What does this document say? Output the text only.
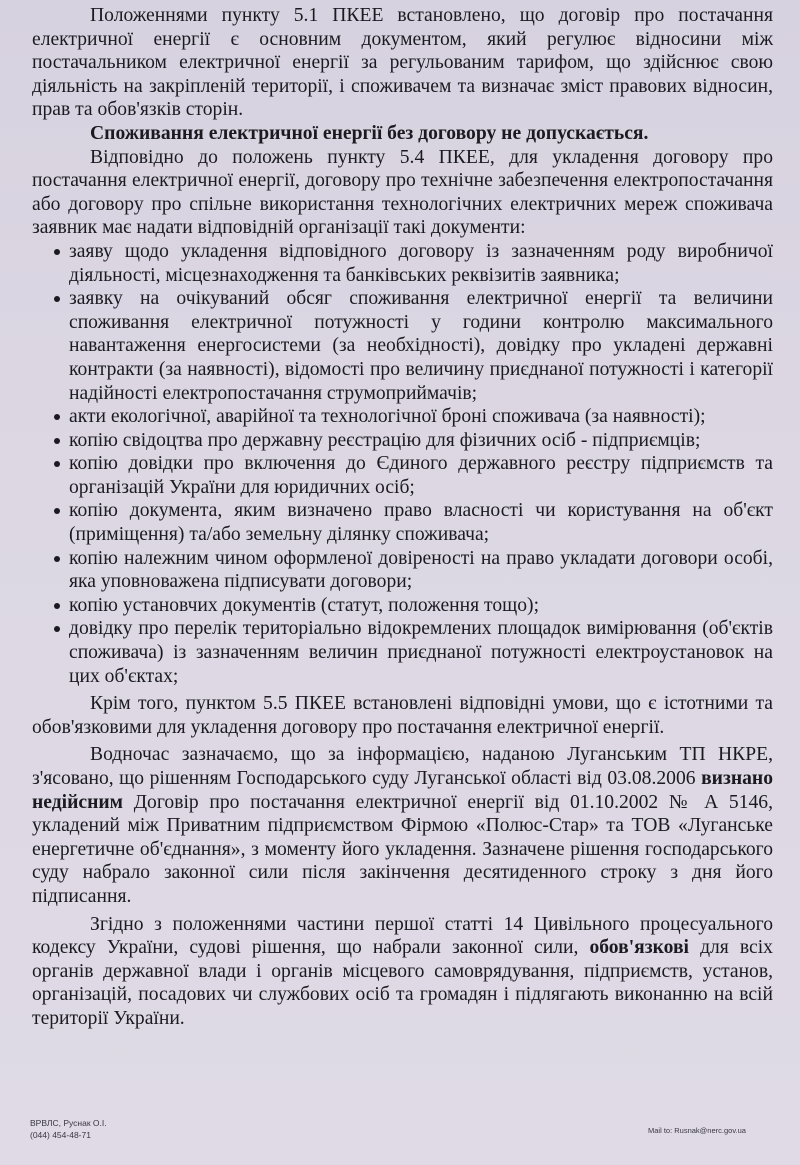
Положеннями пункту 5.1 ПКЕЕ встановлено, що договір про постачання електричної енергії є основним документом, який регулює відносини між постачальником електричної енергії за регульованим тарифом, що здійснює свою діяльність на закріпленій території, і споживачем та визначає зміст правових відносин, прав та обов'язків сторін.

Споживання електричної енергії без договору не допускається.

Відповідно до положень пункту 5.4 ПКЕЕ, для укладення договору про постачання електричної енергії, договору про технічне забезпечення електропостачання або договору про спільне використання технологічних електричних мереж споживача заявник має надати відповідній організації такі документи:

заяву щодо укладення відповідного договору із зазначенням роду виробничої діяльності, місцезнаходження та банківських реквізитів заявника;
заявку на очікуваний обсяг споживання електричної енергії та величини споживання електричної потужності у години контролю максимального навантаження енергосистеми (за необхідності), довідку про укладені державні контракти (за наявності), відомості про величину приєднаної потужності і категорії надійності електропостачання струмоприймачів;
акти екологічної, аварійної та технологічної броні споживача (за наявності);
копію свідоцтва про державну реєстрацію для фізичних осіб - підприємців;
копію довідки про включення до Єдиного державного реєстру підприємств та організацій України для юридичних осіб;
копію документа, яким визначено право власності чи користування на об'єкт (приміщення) та/або земельну ділянку споживача;
копію належним чином оформленої довіреності на право укладати договори особі, яка уповноважена підписувати договори;
копію установчих документів (статут, положення тощо);
довідку про перелік територіально відокремлених площадок вимірювання (об'єктів споживача) із зазначенням величин приєднаної потужності електроустановок на цих об'єктах;

Крім того, пунктом 5.5 ПКЕЕ встановлені відповідні умови, що є істотними та обов'язковими для укладення договору про постачання електричної енергії.

Водночас зазначаємо, що за інформацією, наданою Луганським ТП НКРЕ, з'ясовано, що рішенням Господарського суду Луганської області від 03.08.2006 визнано недійсним Договір про постачання електричної енергії від 01.10.2002 № А 5146, укладений між Приватним підприємством Фірмою «Полюс-Стар» та ТОВ «Луганське енергетичне об'єднання», з моменту його укладення. Зазначене рішення господарського суду набрало законної сили після закінчення десятиденного строку з дня його підписання.

Згідно з положеннями частини першої статті 14 Цивільного процесуального кодексу України, судові рішення, що набрали законної сили, обов'язкові для всіх органів державної влади і органів місцевого самоврядування, підприємств, установ, організацій, посадових чи службових осіб та громадян і підлягають виконанню на всій території України.

ВРВЛС, Руснак О.І.
(044) 454-48-71	Mail to: Rusnak@nerc.gov.ua
